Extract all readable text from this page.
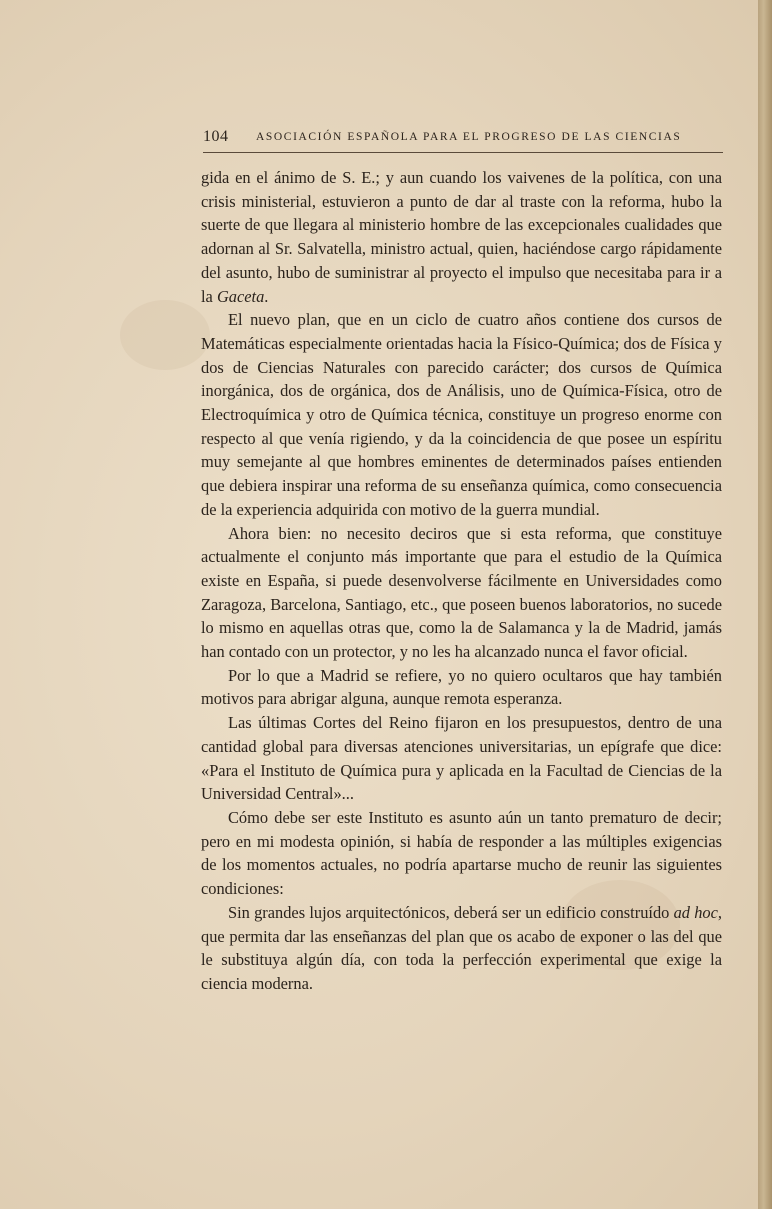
104 ASOCIACIÓN ESPAÑOLA PARA EL PROGRESO DE LAS CIENCIAS

gida en el ánimo de S. E.; y aun cuando los vaivenes de la política, con una crisis ministerial, estuvieron a punto de dar al traste con la reforma, hubo la suerte de que llegara al ministerio hombre de las excepcionales cualidades que adornan al Sr. Salvatella, ministro actual, quien, haciéndose cargo rápidamente del asunto, hubo de suministrar al proyecto el impulso que necesitaba para ir a la Gaceta.

El nuevo plan, que en un ciclo de cuatro años contiene dos cursos de Matemáticas especialmente orientadas hacia la Físico-Química; dos de Física y dos de Ciencias Naturales con parecido carácter; dos cursos de Química inorgánica, dos de orgánica, dos de Análisis, uno de Química-Física, otro de Electroquímica y otro de Química técnica, constituye un progreso enorme con respecto al que venía rigiendo, y da la coincidencia de que posee un espíritu muy semejante al que hombres eminentes de determinados países entienden que debiera inspirar una reforma de su enseñanza química, como consecuencia de la experiencia adquirida con motivo de la guerra mundial.

Ahora bien: no necesito deciros que si esta reforma, que constituye actualmente el conjunto más importante que para el estudio de la Química existe en España, si puede desenvolverse fácilmente en Universidades como Zaragoza, Barcelona, Santiago, etc., que poseen buenos laboratorios, no sucede lo mismo en aquellas otras que, como la de Salamanca y la de Madrid, jamás han contado con un protector, y no les ha alcanzado nunca el favor oficial.

Por lo que a Madrid se refiere, yo no quiero ocultaros que hay también motivos para abrigar alguna, aunque remota esperanza.

Las últimas Cortes del Reino fijaron en los presupuestos, dentro de una cantidad global para diversas atenciones universitarias, un epígrafe que dice: «Para el Instituto de Química pura y aplicada en la Facultad de Ciencias de la Universidad Central»...

Cómo debe ser este Instituto es asunto aún un tanto prematuro de decir; pero en mi modesta opinión, si había de responder a las múltiples exigencias de los momentos actuales, no podría apartarse mucho de reunir las siguientes condiciones:

Sin grandes lujos arquitectónicos, deberá ser un edificio construído ad hoc, que permita dar las enseñanzas del plan que os acabo de exponer o las del que le substituya algún día, con toda la perfección experimental que exige la ciencia moderna.
